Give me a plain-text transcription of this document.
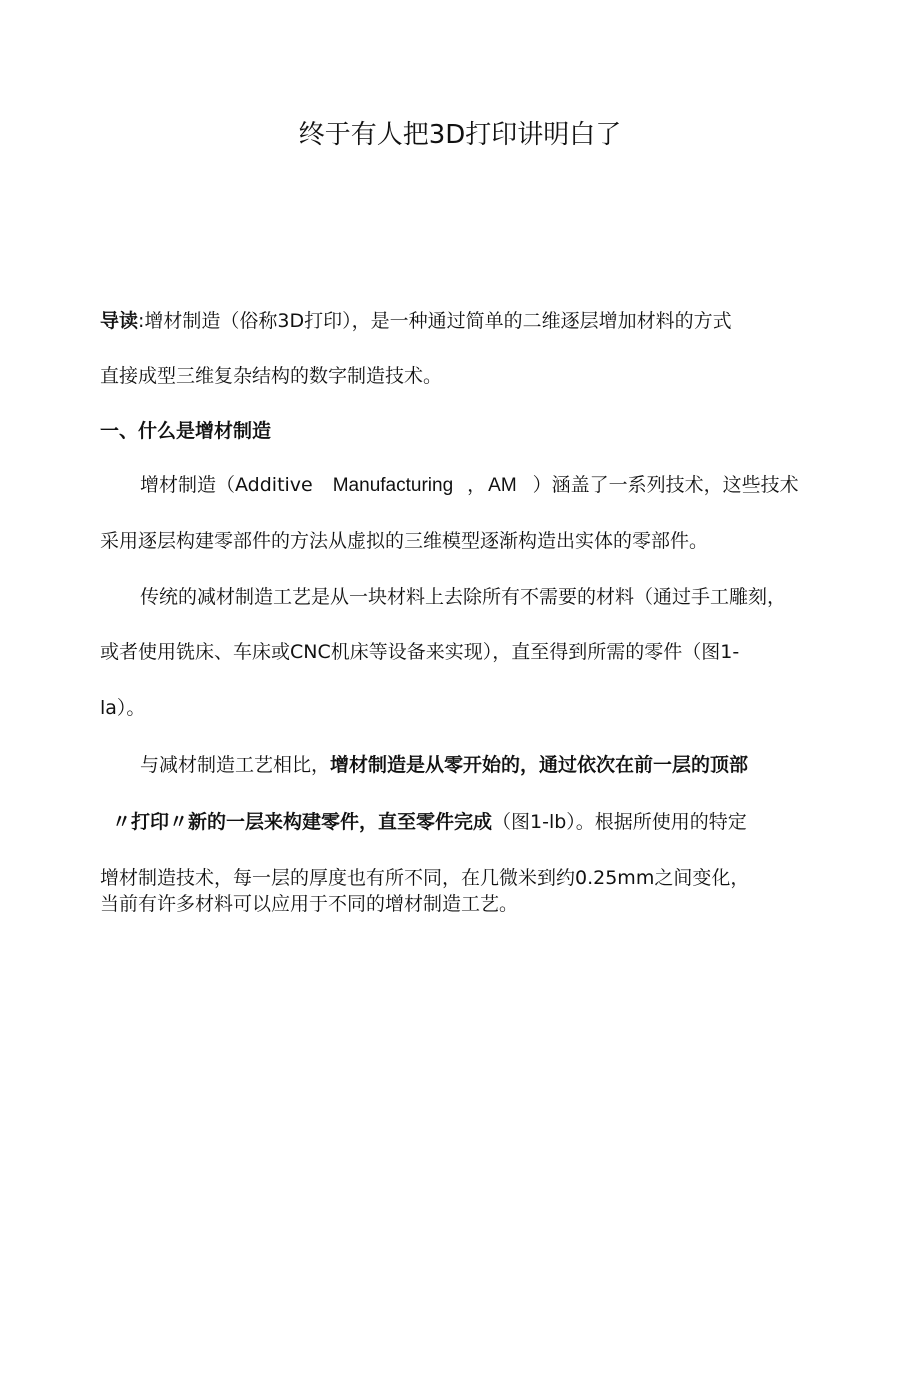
终于有人把3D打印讲明白了
导读:增材制造（俗称3D打印），是一种通过简单的二维逐层增加材料的方式
直接成型三维复杂结构的数字制造技术。
一、什么是增材制造
增材制造（Additive Manufacturing ， AM ）涵盖了一系列技术，这些技术
采用逐层构建零部件的方法从虚拟的三维模型逐渐构造出实体的零部件。
传统的减材制造工艺是从一块材料上去除所有不需要的材料（通过手工雕刻，
或者使用铣床、车床或CNC机床等设备来实现），直至得到所需的零件（图1-
la）。
与减材制造工艺相比，增材制造是从零开始的，通过依次在前一层的顶部
〃打印〃新的一层来构建零件，直至零件完成（图1-lb）。根据所使用的特定
增材制造技术，每一层的厚度也有所不同，在几微米到约0.25mm之间变化，
当前有许多材料可以应用于不同的增材制造工艺。
